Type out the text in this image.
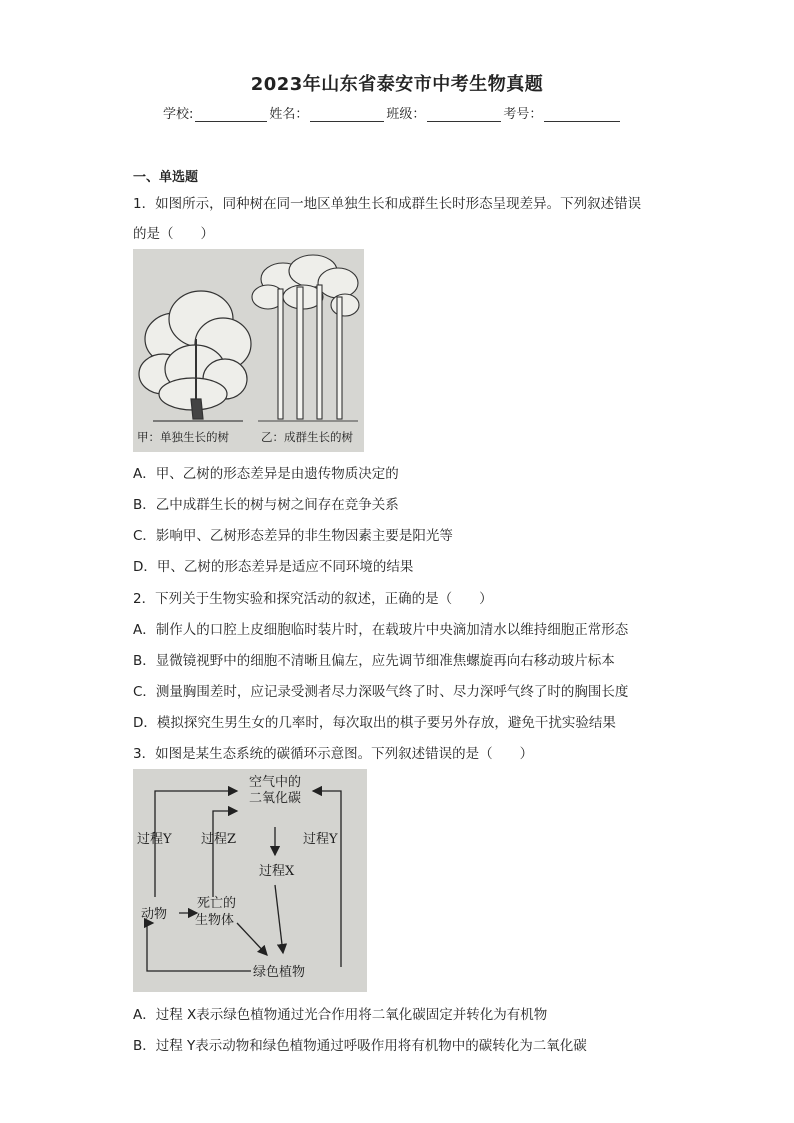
2023年山东省泰安市中考生物真题
学校:	姓名：	班级：	考号：
一、单选题
1．如图所示，同种树在同一地区单独生长和成群生长时形态呈现差异。下列叙述错误
的是（　　）
甲：单独生长的树	乙：成群生长的树
A．甲、乙树的形态差异是由遗传物质决定的
B．乙中成群生长的树与树之间存在竞争关系
C．影响甲、乙树形态差异的非生物因素主要是阳光等
D．甲、乙树的形态差异是适应不同环境的结果
2．下列关于生物实验和探究活动的叙述，正确的是（　　）
A．制作人的口腔上皮细胞临时装片时，在载玻片中央滴加清水以维持细胞正常形态
B．显微镜视野中的细胞不清晰且偏左，应先调节细准焦螺旋再向右移动玻片标本
C．测量胸围差时，应记录受测者尽力深吸气终了时、尽力深呼气终了时的胸围长度
D．模拟探究生男生女的几率时，每次取出的棋子要另外存放，避免干扰实验结果
3．如图是某生态系统的碳循环示意图。下列叙述错误的是（　　）
空气中的
二氧化碳
过程Y 过程Z	过程Y
过程X
动物
死亡的
生物体
绿色植物
A．过程 X表示绿色植物通过光合作用将二氧化碳固定并转化为有机物
B．过程 Y表示动物和绿色植物通过呼吸作用将有机物中的碳转化为二氧化碳
